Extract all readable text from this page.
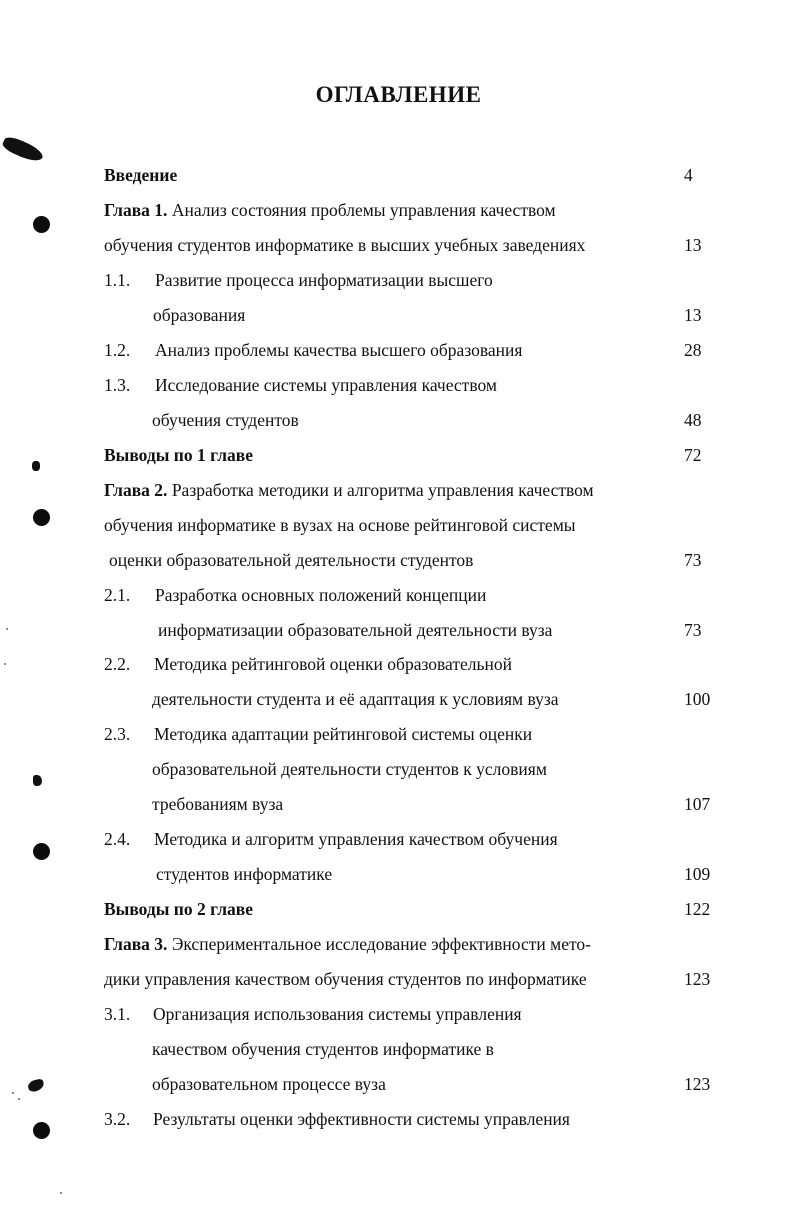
ОГЛАВЛЕНИЕ
Введение	4
Глава 1. Анализ состояния проблемы управления качеством
обучения студентов информатике в высших учебных заведениях	13
1.1. Развитие процесса информатизации высшего
образования	13
1.2. Анализ проблемы качества высшего образования	28
1.3. Исследование системы управления качеством
обучения студентов	48
Выводы по 1 главе	72
Глава 2. Разработка методики и алгоритма управления качеством
обучения информатике в вузах на основе рейтинговой системы
оценки образовательной деятельности студентов	73
2.1. Разработка основных положений концепции
информатизации образовательной деятельности вуза	73
2.2. Методика рейтинговой оценки образовательной
деятельности студента и её адаптация к условиям вуза	100
2.3. Методика адаптации рейтинговой системы оценки
образовательной деятельности студентов к условиям
требованиям вуза	107
2.4. Методика и алгоритм управления качеством обучения
студентов информатике	109
Выводы по 2 главе	122
Глава 3. Экспериментальное исследование эффективности мето-
дики управления качеством обучения студентов по информатике	123
3.1. Организация использования системы управления
качеством обучения студентов информатике в
образовательном процессе вуза	123
3.2. Результаты оценки эффективности системы управления
